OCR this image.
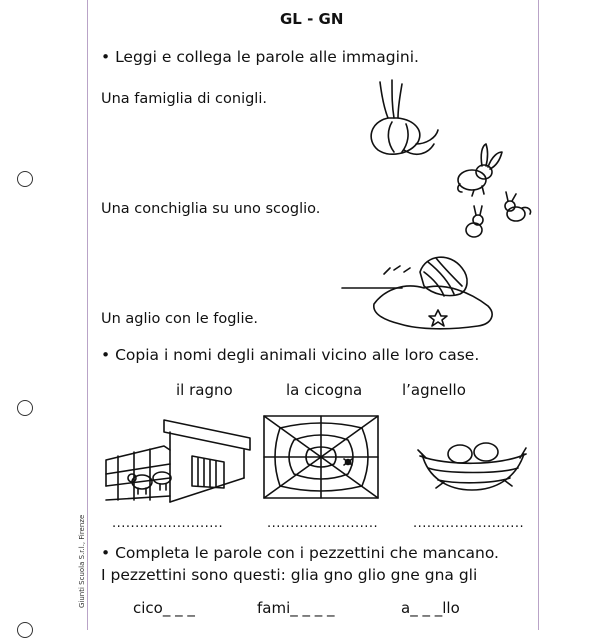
GL - GN
• Leggi e collega le parole alle immagini.
Una famiglia di conigli.
Una conchiglia su uno scoglio.
Un aglio con le foglie.
• Copia i nomi degli animali vicino alle loro case.
il ragno	la cicogna	l’agnello
........................	........................	........................
• Completa le parole con i pezzettini che mancano.
I pezzettini sono questi: glia gno glio gne gna gli
cico_ _ _	fami_ _ _ _	a_ _ _llo
Giunti Scuola S.r.l., Firenze
